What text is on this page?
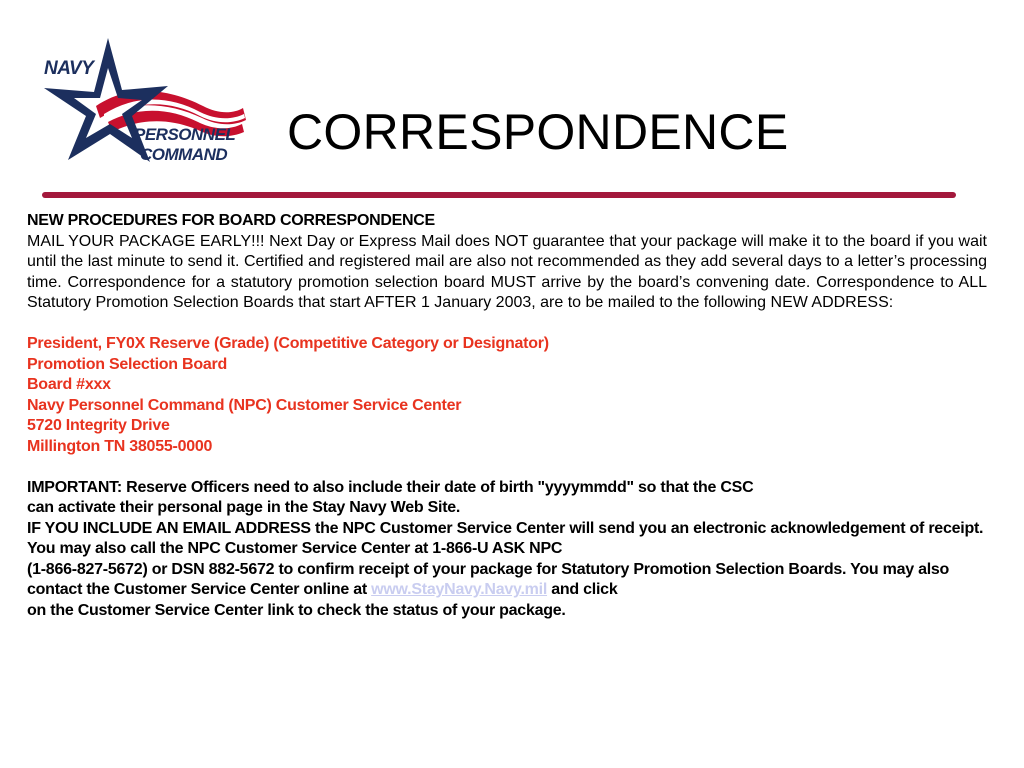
NAVY
PERSONNEL
COMMAND CORRESPONDENCE

NEW PROCEDURES FOR BOARD CORRESPONDENCE

MAIL YOUR PACKAGE EARLY!!! Next Day or Express Mail does NOT guarantee that your package will make it to the board if you wait until the last minute to send it. Certified and registered mail are also not recommended as they add several days to a letter’s processing time. Correspondence for a statutory promotion selection board MUST arrive by the board’s convening date. Correspondence to ALL Statutory Promotion Selection Boards that start AFTER 1 January 2003, are to be mailed to the following NEW ADDRESS:

President, FY0X Reserve (Grade) (Competitive Category or Designator)

Promotion Selection Board

Board #xxx

Navy Personnel Command (NPC) Customer Service Center

5720 Integrity Drive

Millington TN 38055-0000

IMPORTANT: Reserve Officers need to also include their date of birth "yyyymmdd" so that the CSC

can activate their personal page in the Stay Navy Web Site.

IF YOU INCLUDE AN EMAIL ADDRESS the NPC Customer Service Center will send you an electronic acknowledgement of receipt. You may also call the NPC Customer Service Center at 1-866-U ASK NPC

(1-866-827-5672) or DSN 882-5672 to confirm receipt of your package for Statutory Promotion Selection Boards. You may also contact the Customer Service Center online at www.StayNavy.Navy.mil and click

on the Customer Service Center link to check the status of your package.
